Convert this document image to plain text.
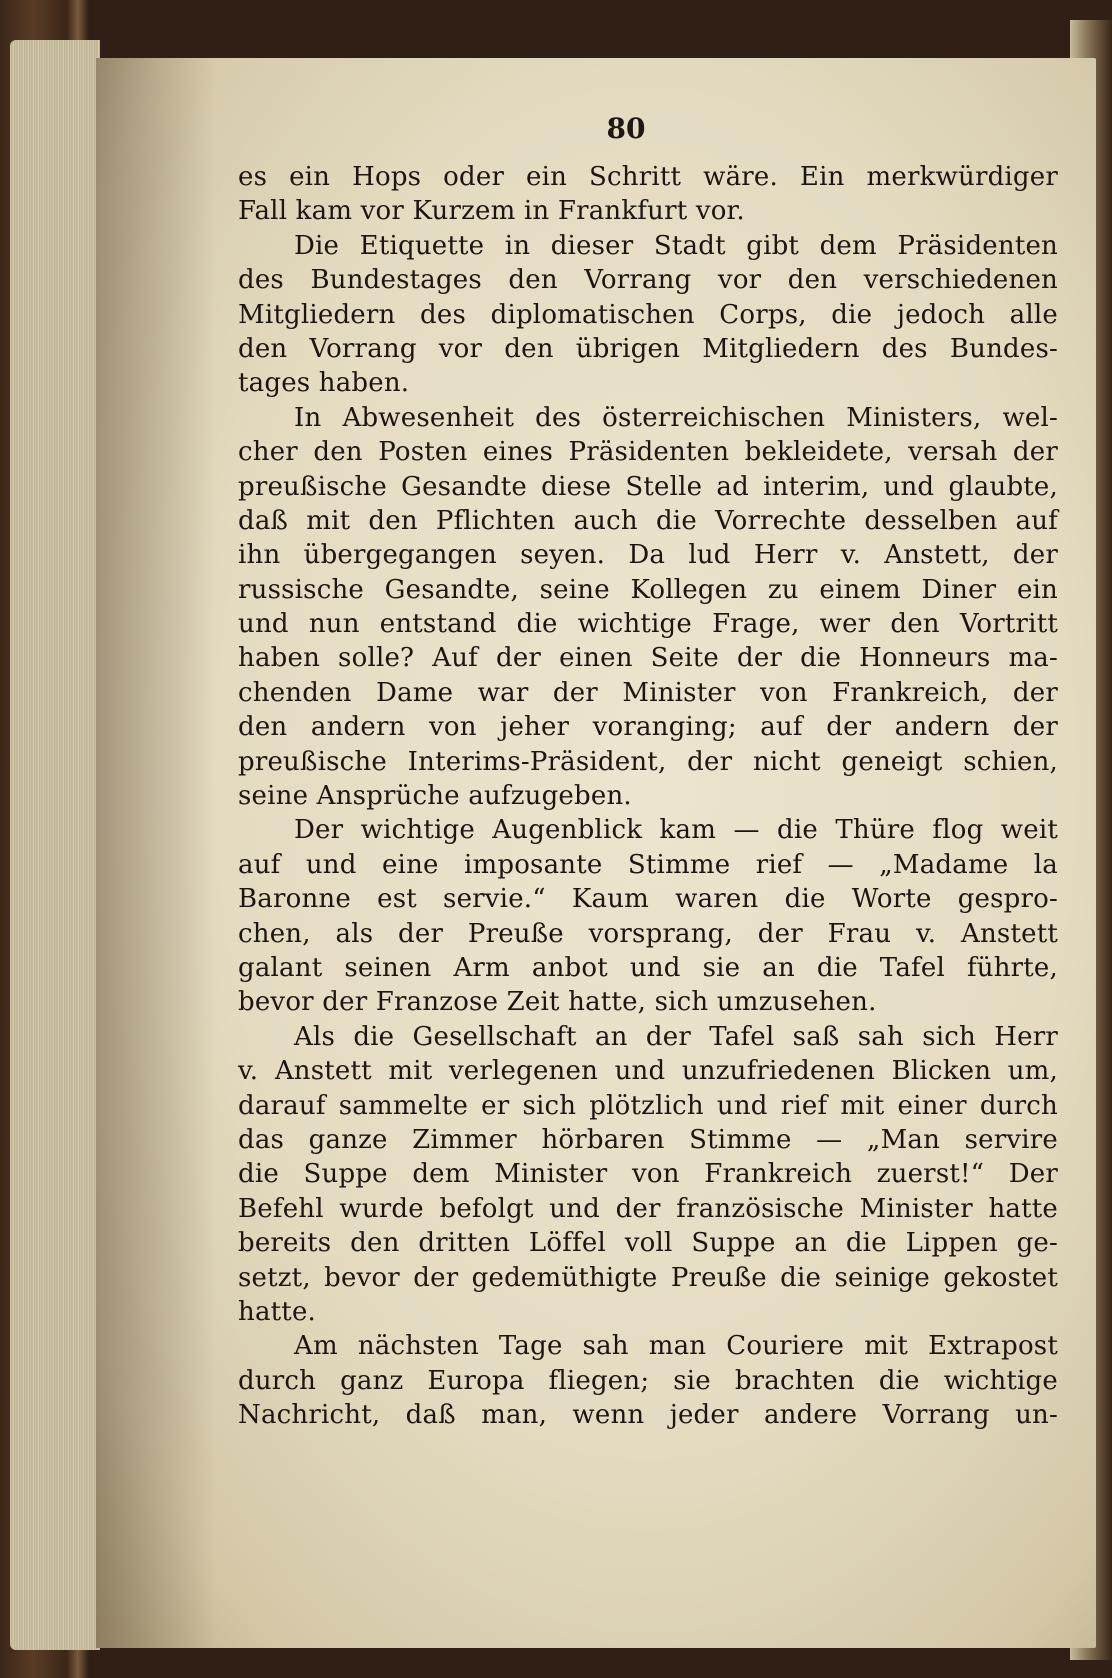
80
es ein Hops oder ein Schritt wäre. Ein merkwürdiger
Fall kam vor Kurzem in Frankfurt vor.
Die Etiquette in dieser Stadt gibt dem Präsidenten
des Bundestages den Vorrang vor den verschiedenen
Mitgliedern des diplomatischen Corps, die jedoch alle
den Vorrang vor den übrigen Mitgliedern des Bundes-
tages haben.
In Abwesenheit des österreichischen Ministers, wel-
cher den Posten eines Präsidenten bekleidete, versah der
preußische Gesandte diese Stelle ad interim, und glaubte,
daß mit den Pflichten auch die Vorrechte desselben auf
ihn übergegangen seyen. Da lud Herr v. Anstett, der
russische Gesandte, seine Kollegen zu einem Diner ein
und nun entstand die wichtige Frage, wer den Vortritt
haben solle? Auf der einen Seite der die Honneurs ma-
chenden Dame war der Minister von Frankreich, der
den andern von jeher voranging; auf der andern der
preußische Interims-Präsident, der nicht geneigt schien,
seine Ansprüche aufzugeben.
Der wichtige Augenblick kam — die Thüre flog weit
auf und eine imposante Stimme rief — „Madame la
Baronne est servie.“ Kaum waren die Worte gespro-
chen, als der Preuße vorsprang, der Frau v. Anstett
galant seinen Arm anbot und sie an die Tafel führte,
bevor der Franzose Zeit hatte, sich umzusehen.
Als die Gesellschaft an der Tafel saß sah sich Herr
v. Anstett mit verlegenen und unzufriedenen Blicken um,
darauf sammelte er sich plötzlich und rief mit einer durch
das ganze Zimmer hörbaren Stimme — „Man servire
die Suppe dem Minister von Frankreich zuerst!“ Der
Befehl wurde befolgt und der französische Minister hatte
bereits den dritten Löffel voll Suppe an die Lippen ge-
setzt, bevor der gedemüthigte Preuße die seinige gekostet
hatte.
Am nächsten Tage sah man Couriere mit Extrapost
durch ganz Europa fliegen; sie brachten die wichtige
Nachricht, daß man, wenn jeder andere Vorrang un-
